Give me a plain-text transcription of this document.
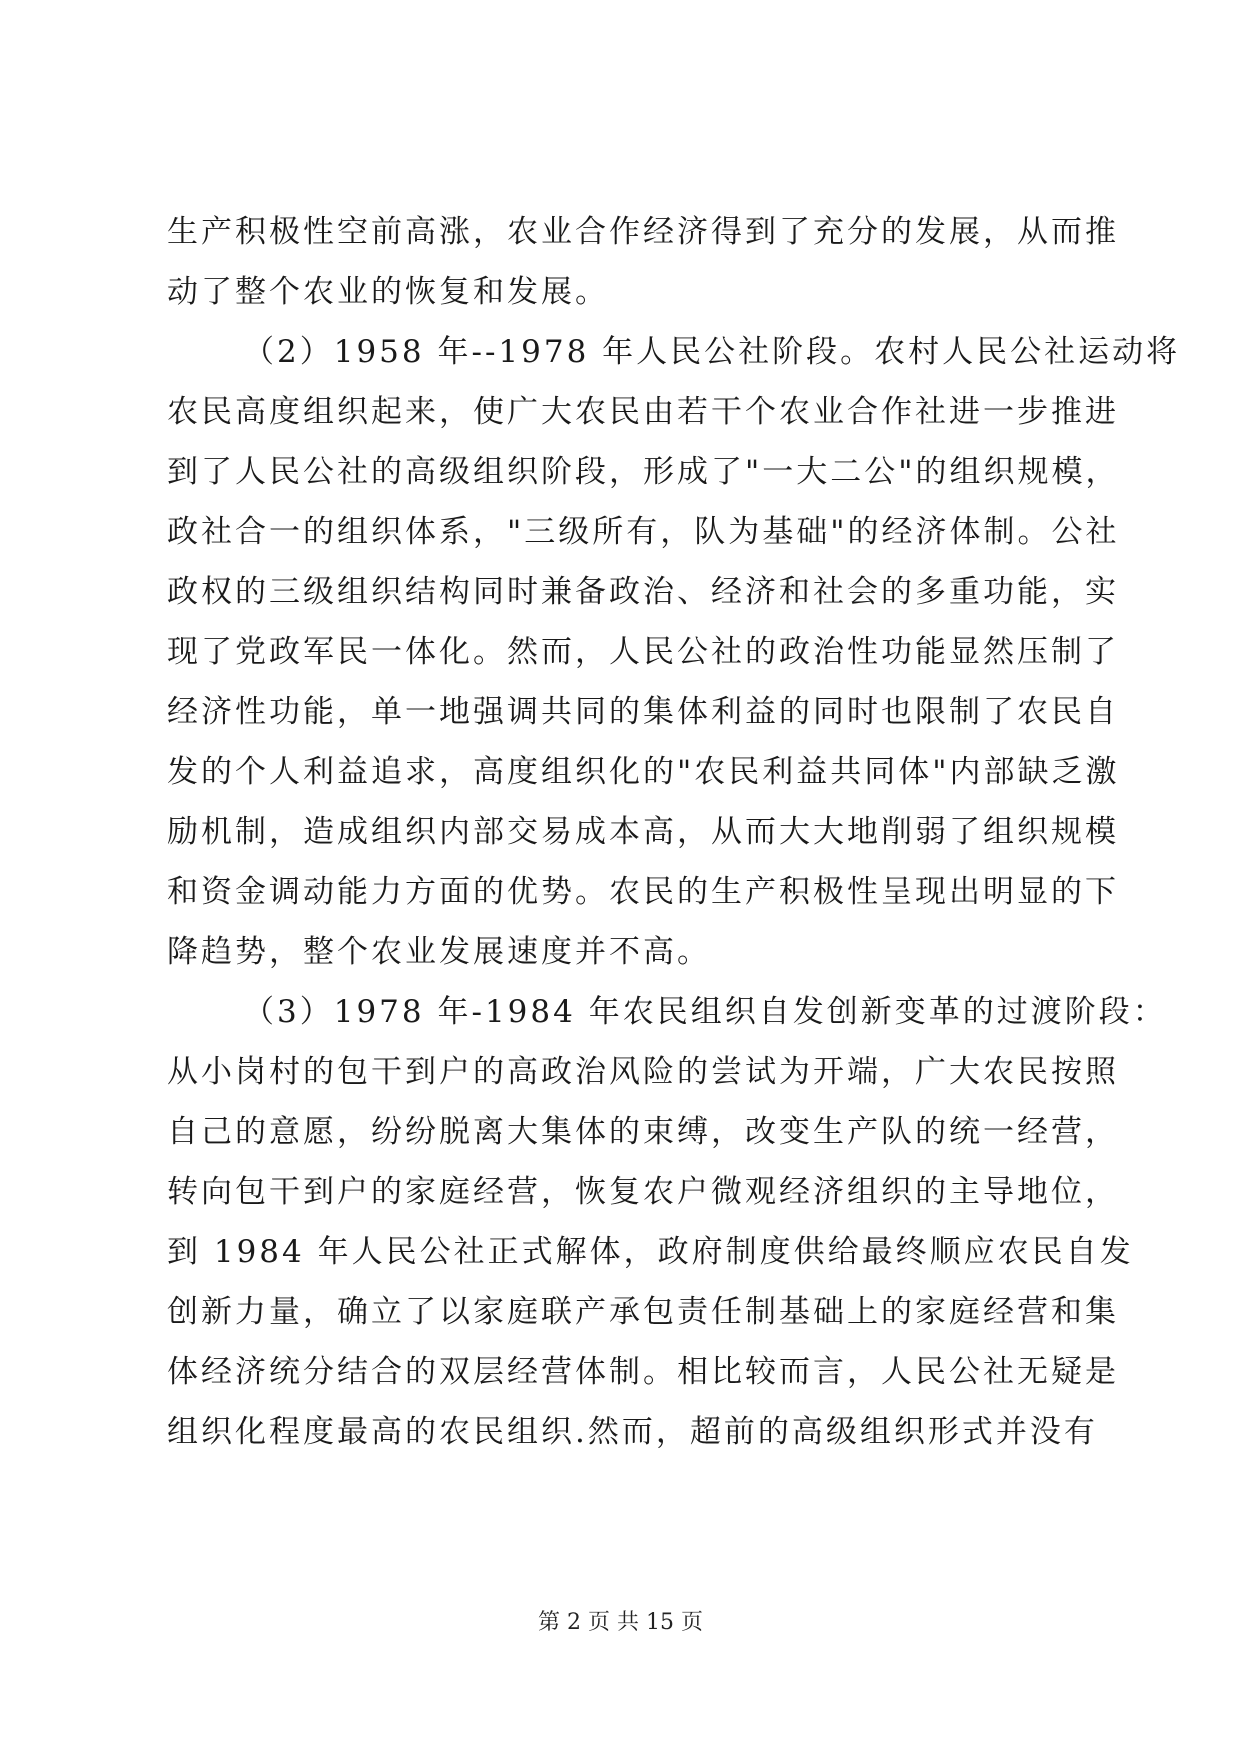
生产积极性空前高涨，农业合作经济得到了充分的发展，从而推
动了整个农业的恢复和发展。
（2）1958 年--1978 年人民公社阶段。农村人民公社运动将
农民高度组织起来，使广大农民由若干个农业合作社进一步推进
到了人民公社的高级组织阶段，形成了"一大二公"的组织规模，
政社合一的组织体系，"三级所有，队为基础"的经济体制。公社
政权的三级组织结构同时兼备政治、经济和社会的多重功能，实
现了党政军民一体化。然而，人民公社的政治性功能显然压制了
经济性功能，单一地强调共同的集体利益的同时也限制了农民自
发的个人利益追求，高度组织化的"农民利益共同体"内部缺乏激
励机制，造成组织内部交易成本高，从而大大地削弱了组织规模
和资金调动能力方面的优势。农民的生产积极性呈现出明显的下
降趋势，整个农业发展速度并不高。
（3）1978 年-1984 年农民组织自发创新变革的过渡阶段：
从小岗村的包干到户的高政治风险的尝试为开端，广大农民按照
自己的意愿，纷纷脱离大集体的束缚，改变生产队的统一经营，
转向包干到户的家庭经营，恢复农户微观经济组织的主导地位，
到 1984 年人民公社正式解体，政府制度供给最终顺应农民自发
创新力量，确立了以家庭联产承包责任制基础上的家庭经营和集
体经济统分结合的双层经营体制。相比较而言，人民公社无疑是
组织化程度最高的农民组织.然而，超前的高级组织形式并没有
第 2 页 共 15 页
